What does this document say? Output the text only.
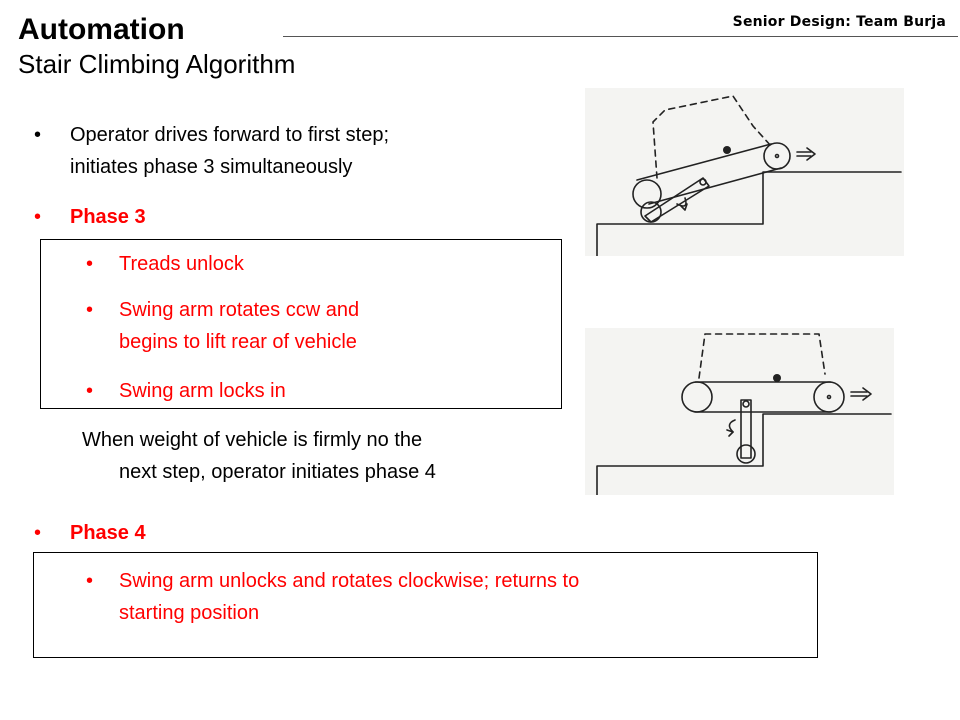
Automation
Stair Climbing Algorithm
Senior Design: Team Burja
• Operator drives forward to first step;
initiates phase 3 simultaneously
• Phase 3
• Treads unlock
• Swing arm rotates ccw and
begins to lift rear of vehicle
• Swing arm locks in
When weight of vehicle is firmly no the
next step, operator initiates phase 4
• Phase 4
• Swing arm unlocks and rotates clockwise; returns to
starting position
